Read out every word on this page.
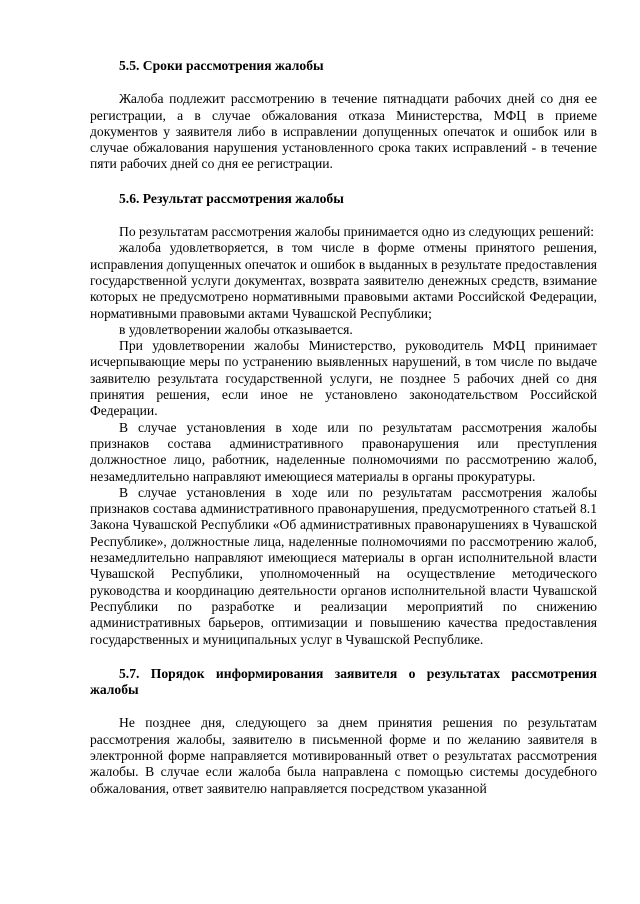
5.5. Сроки рассмотрения жалобы

Жалоба подлежит рассмотрению в течение пятнадцати рабочих дней со дня ее регистрации, а в случае обжалования отказа Министерства, МФЦ в приеме документов у заявителя либо в исправлении допущенных опечаток и ошибок или в случае обжалования нарушения установленного срока таких исправлений - в течение пяти рабочих дней со дня ее регистрации.

5.6. Результат рассмотрения жалобы

По результатам рассмотрения жалобы принимается одно из следующих решений:

жалоба удовлетворяется, в том числе в форме отмены принятого решения, исправления допущенных опечаток и ошибок в выданных в результате предоставления государственной услуги документах, возврата заявителю денежных средств, взимание которых не предусмотрено нормативными правовыми актами Российской Федерации, нормативными правовыми актами Чувашской Республики;

в удовлетворении жалобы отказывается.

При удовлетворении жалобы Министерство, руководитель МФЦ принимает исчерпывающие меры по устранению выявленных нарушений, в том числе по выдаче заявителю результата государственной услуги, не позднее 5 рабочих дней со дня принятия решения, если иное не установлено законодательством Российской Федерации.

В случае установления в ходе или по результатам рассмотрения жалобы признаков состава административного правонарушения или преступления должностное лицо, работник, наделенные полномочиями по рассмотрению жалоб, незамедлительно направляют имеющиеся материалы в органы прокуратуры.

В случае установления в ходе или по результатам рассмотрения жалобы признаков состава административного правонарушения, предусмотренного статьей 8.1 Закона Чувашской Республики «Об административных правонарушениях в Чувашской Республике», должностные лица, наделенные полномочиями по рассмотрению жалоб, незамедлительно направляют имеющиеся материалы в орган исполнительной власти Чувашской Республики, уполномоченный на осуществление методического руководства и координацию деятельности органов исполнительной власти Чувашской Республики по разработке и реализации мероприятий по снижению административных барьеров, оптимизации и повышению качества предоставления государственных и муниципальных услуг в Чувашской Республике.

5.7. Порядок информирования заявителя о результатах рассмотрения жалобы

Не позднее дня, следующего за днем принятия решения по результатам рассмотрения жалобы, заявителю в письменной форме и по желанию заявителя в электронной форме направляется мотивированный ответ о результатах рассмотрения жалобы. В случае если жалоба была направлена с помощью системы досудебного обжалования, ответ заявителю направляется посредством указанной
